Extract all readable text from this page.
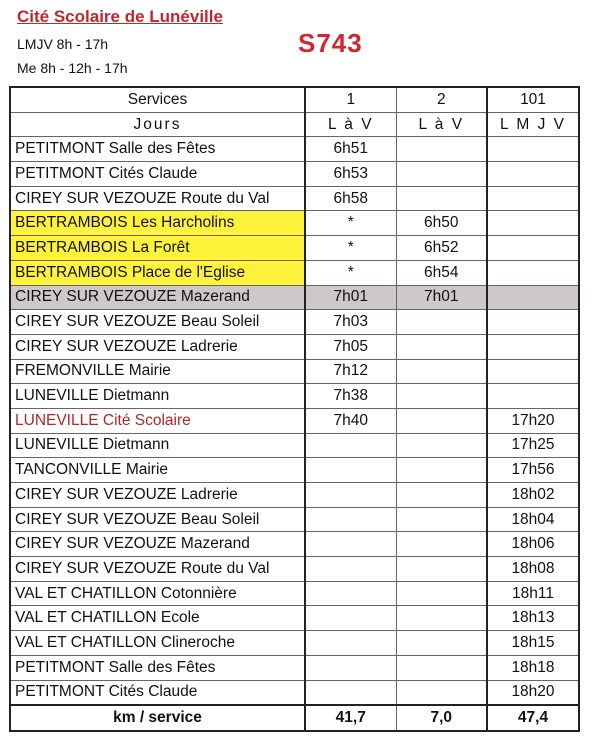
Cité Scolaire de Lunéville
LMJV 8h - 17h
Me 8h - 12h - 17h
S743
Services	1	2	101
Jours	L à V	L à V	L M J V
PETITMONT Salle des Fêtes	6h51		
PETITMONT Cités Claude	6h53		
CIREY SUR VEZOUZE Route du Val	6h58		
BERTRAMBOIS Les Harcholins	*	6h50	
BERTRAMBOIS La Forêt	*	6h52	
BERTRAMBOIS Place de l'Eglise	*	6h54	
CIREY SUR VEZOUZE Mazerand	7h01	7h01	
CIREY SUR VEZOUZE Beau Soleil	7h03		
CIREY SUR VEZOUZE Ladrerie	7h05		
FREMONVILLE Mairie	7h12		
LUNEVILLE Dietmann	7h38		
LUNEVILLE Cité Scolaire	7h40		17h20
LUNEVILLE Dietmann			17h25
TANCONVILLE Mairie			17h56
CIREY SUR VEZOUZE Ladrerie			18h02
CIREY SUR VEZOUZE Beau Soleil			18h04
CIREY SUR VEZOUZE Mazerand			18h06
CIREY SUR VEZOUZE Route du Val			18h08
VAL ET CHATILLON Cotonnière			18h11
VAL ET CHATILLON Ecole			18h13
VAL ET CHATILLON Clineroche			18h15
PETITMONT Salle des Fêtes			18h18
PETITMONT Cités Claude			18h20
km / service	41,7	7,0	47,4
